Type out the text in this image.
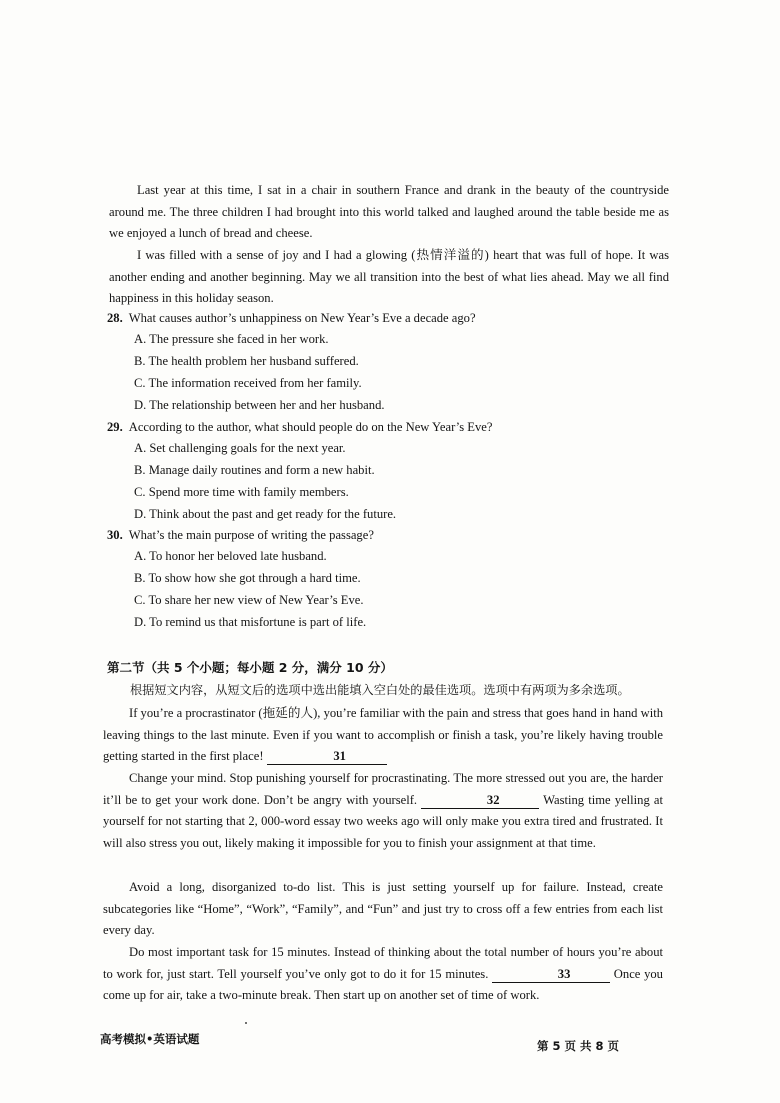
Last year at this time, I sat in a chair in southern France and drank in the beauty of the countryside around me. The three children I had brought into this world talked and laughed around the table beside me as we enjoyed a lunch of bread and cheese.

I was filled with a sense of joy and I had a glowing (热情洋溢的) heart that was full of hope. It was another ending and another beginning. May we all transition into the best of what lies ahead. May we all find happiness in this holiday season.

28. What causes author’s unhappiness on New Year’s Eve a decade ago?
A. The pressure she faced in her work.
B. The health problem her husband suffered.
C. The information received from her family.
D. The relationship between her and her husband.
29. According to the author, what should people do on the New Year’s Eve?
A. Set challenging goals for the next year.
B. Manage daily routines and form a new habit.
C. Spend more time with family members.
D. Think about the past and get ready for the future.
30. What’s the main purpose of writing the passage?
A. To honor her beloved late husband.
B. To show how she got through a hard time.
C. To share her new view of New Year’s Eve.
D. To remind us that misfortune is part of life.
第二节（共 5 个小题；每小题 2 分，满分 10 分）
根据短文内容，从短文后的选项中选出能填入空白处的最佳选项。选项中有两项为多余选项。

If you’re a procrastinator (拖延的人), you’re familiar with the pain and stress that goes hand in hand with leaving things to the last minute. Even if you want to accomplish or finish a task, you’re likely having trouble getting started in the first place!	31

Change your mind. Stop punishing yourself for procrastinating. The more stressed out you are, the harder it’ll be to get your work done. Don’t be angry with yourself.	32	Wasting time yelling at yourself for not starting that 2, 000-word essay two weeks ago will only make you extra tired and frustrated. It will also stress you out, likely making it impossible for you to finish your assignment at that time.

Avoid a long, disorganized to-do list. This is just setting yourself up for failure. Instead, create subcategories like “Home”, “Work”, “Family”, and “Fun” and just try to cross off a few entries from each list every day.

Do most important task for 15 minutes. Instead of thinking about the total number of hours you’re about to work for, just start. Tell yourself you’ve only got to do it for 15 minutes.	33	Once you come up for air, take a two-minute break. Then start up on another set of time of work.

高考模拟•英语试题	第 5 页 共 8 页
